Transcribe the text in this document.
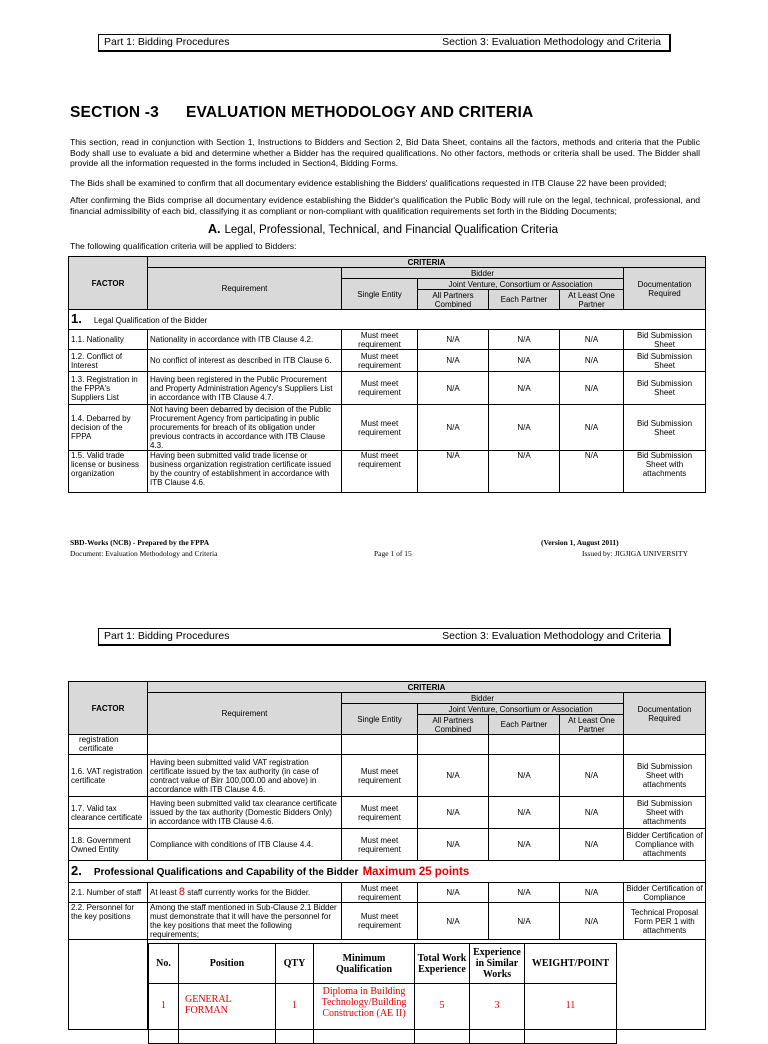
Part 1: Bidding Procedures	Section 3: Evaluation Methodology and Criteria
SECTION -3 EVALUATION METHODOLOGY AND CRITERIA
This section, read in conjunction with Section 1, Instructions to Bidders and Section 2, Bid Data Sheet, contains all the factors, methods and criteria that the Public Body shall use to evaluate a bid and determine whether a Bidder has the required qualifications. No other factors, methods or criteria shall be used. The Bidder shall provide all the information requested in the forms included in Section4, Bidding Forms.
The Bids shall be examined to confirm that all documentary evidence establishing the Bidders' qualifications requested in ITB Clause 22 have been provided;
After confirming the Bids comprise all documentary evidence establishing the Bidder's qualification the Public Body will rule on the legal, technical, professional, and financial admissibility of each bid, classifying it as compliant or non-compliant with qualification requirements set forth in the Bidding Documents;
A. Legal, Professional, Technical, and Financial Qualification Criteria
The following qualification criteria will be applied to Bidders:
FACTOR	CRITERIA					
	Requirement	Bidder				Documentation Required
		Single Entity	Joint Venture, Consortium or Association			
			All Partners Combined	Each Partner	At Least One Partner	
1. Legal Qualification of the Bidder						
1.1. Nationality	Nationality in accordance with ITB Clause 4.2.	Must meet requirement	N/A	N/A	N/A	Bid Submission Sheet
1.2. Conflict of Interest	No conflict of interest as described in ITB Clause 6.	Must meet requirement	N/A	N/A	N/A	Bid Submission Sheet
1.3. Registration in the FPPA's Suppliers List	Having been registered in the Public Procurement and Property Administration Agency's Suppliers List in accordance with ITB Clause 4.7.	Must meet requirement	N/A	N/A	N/A	Bid Submission Sheet
1.4. Debarred by decision of the FPPA	Not having been debarred by decision of the Public Procurement Agency from participating in public procurements for breach of its obligation under previous contracts in accordance with ITB Clause 4.3.	Must meet requirement	N/A	N/A	N/A	Bid Submission Sheet
1.5. Valid trade license or business organization	Having been submitted valid trade license or business organization registration certificate issued by the country of establishment in accordance with ITB Clause 4.6.	Must meet requirement	N/A	N/A	N/A	Bid Submission Sheet with attachments
SBD-Works (NCB) - Prepared by the FPPA	(Version 1, August 2011)
Document: Evaluation Methodology and Criteria	Page 1 of 15	Issued by: JIGJIGA UNIVERSITY
Part 1: Bidding Procedures	Section 3: Evaluation Methodology and Criteria
FACTOR	CRITERIA					
	Requirement	Bidder				Documentation Required
		Single Entity	Joint Venture, Consortium or Association			
			All Partners Combined	Each Partner	At Least One Partner	
registration certificate						
1.6. VAT registration certificate	Having been submitted valid VAT registration certificate issued by the tax authority (in case of contract value of Birr 100,000.00 and above) in accordance with ITB Clause 4.6.	Must meet requirement	N/A	N/A	N/A	Bid Submission Sheet with attachments
1.7. Valid tax clearance certificate	Having been submitted valid tax clearance certificate issued by the tax authority (Domestic Bidders Only) in accordance with ITB Clause 4.6.	Must meet requirement	N/A	N/A	N/A	Bid Submission Sheet with attachments
1.8. Government Owned Entity	Compliance with conditions of ITB Clause 4.4.	Must meet requirement	N/A	N/A	N/A	Bidder Certification of Compliance with attachments
2. Professional Qualifications and Capability of the Bidder Maximum 25 points						
2.1. Number of staff	At least 8 staff currently works for the Bidder.	Must meet requirement	N/A	N/A	N/A	Bidder Certification of Compliance
2.2. Personnel for the key positions	Among the staff mentioned in Sub-Clause 2.1 Bidder must demonstrate that it will have the personnel for the key positions that meet the following requirements;	Must meet requirement	N/A	N/A	N/A	Technical Proposal Form PER 1 with attachments

No.	Position	QTY	Minimum Qualification	Total Work Experience	Experience in Similar Works	WEIGHT/POINT
1	GENERAL FORMAN	1	Diploma in Building Technology/Building Construction (AE II)	5	3	11
